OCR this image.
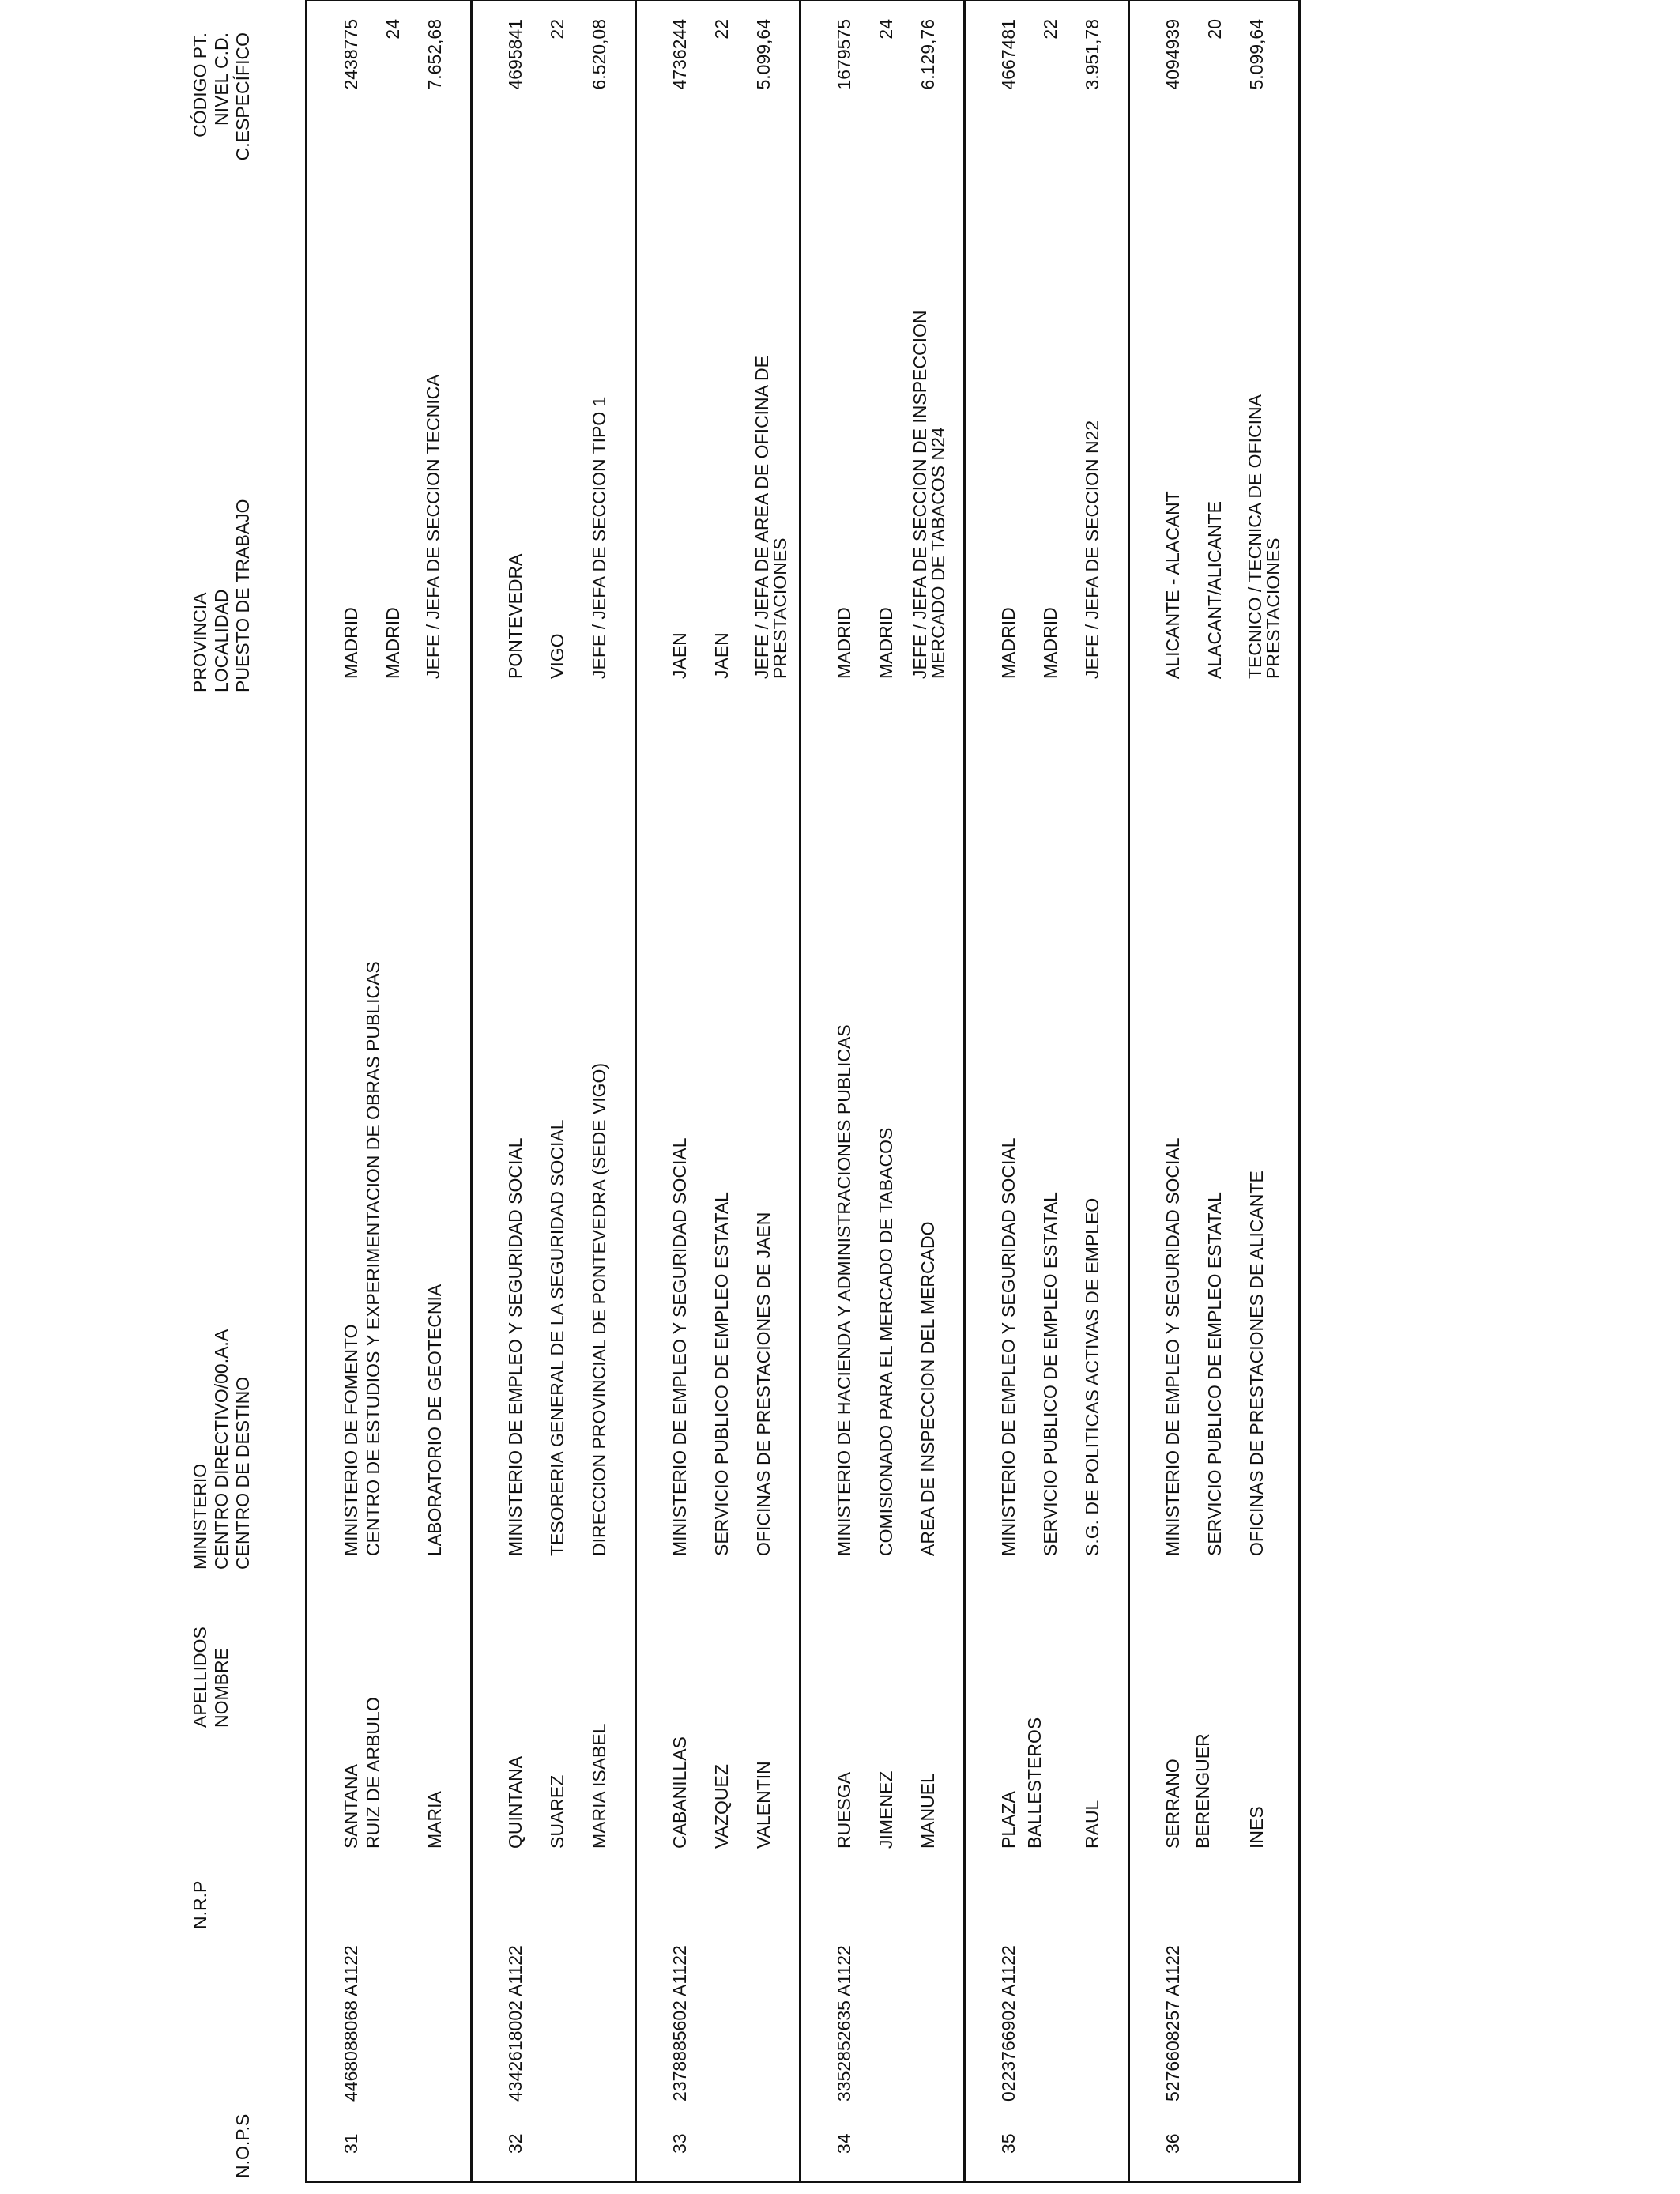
N.O.P.S
N.R.P
APELLIDOS NOMBRE
MINISTERIO CENTRO DIRECTIVO/00.A.A CENTRO DE DESTINO
PROVINCIA LOCALIDAD PUESTO DE TRABAJO
CÓDIGO PT. NIVEL C.D. C.ESPECÍFICO
31
4468088068 A1122
SANTANA RUIZ DE ARBULO MARIA
MINISTERIO DE FOMENTO CENTRO DE ESTUDIOS Y EXPERIMENTACION DE OBRAS PUBLICAS LABORATORIO DE GEOTECNIA
MADRID MADRID JEFE / JEFA DE SECCION TECNICA
2438775 24 7.652,68
32
4342618002 A1122
QUINTANA SUAREZ MARIA ISABEL
MINISTERIO DE EMPLEO Y SEGURIDAD SOCIAL TESORERIA GENERAL DE LA SEGURIDAD SOCIAL DIRECCION PROVINCIAL DE PONTEVEDRA (SEDE VIGO)
PONTEVEDRA VIGO JEFE / JEFA DE SECCION TIPO 1
4695841 22 6.520,08
33
2378885602 A1122
CABANILLAS VAZQUEZ VALENTIN
MINISTERIO DE EMPLEO Y SEGURIDAD SOCIAL SERVICIO PUBLICO DE EMPLEO ESTATAL OFICINAS DE PRESTACIONES DE JAEN
JAEN JAEN JEFE / JEFA DE AREA DE OFICINA DE PRESTACIONES
4736244 22 5.099,64
34
3352852635 A1122
RUESGA JIMENEZ MANUEL
MINISTERIO DE HACIENDA Y ADMINISTRACIONES PUBLICAS COMISIONADO PARA EL MERCADO DE TABACOS AREA DE INSPECCION DEL MERCADO
MADRID MADRID JEFE / JEFA DE SECCION DE INSPECCION MERCADO DE TABACOS N24
1679575 24 6.129,76
35
0223766902 A1122
PLAZA BALLESTEROS RAUL
MINISTERIO DE EMPLEO Y SEGURIDAD SOCIAL SERVICIO PUBLICO DE EMPLEO ESTATAL S.G. DE POLITICAS ACTIVAS DE EMPLEO
MADRID MADRID JEFE / JEFA DE SECCION N22
4667481 22 3.951,78
36
5276608257 A1122
SERRANO BERENGUER INES
MINISTERIO DE EMPLEO Y SEGURIDAD SOCIAL SERVICIO PUBLICO DE EMPLEO ESTATAL OFICINAS DE PRESTACIONES DE ALICANTE
ALICANTE - ALACANT ALACANT/ALICANTE TECNICO / TECNICA DE OFICINA PRESTACIONES
4094939 20 5.099,64
